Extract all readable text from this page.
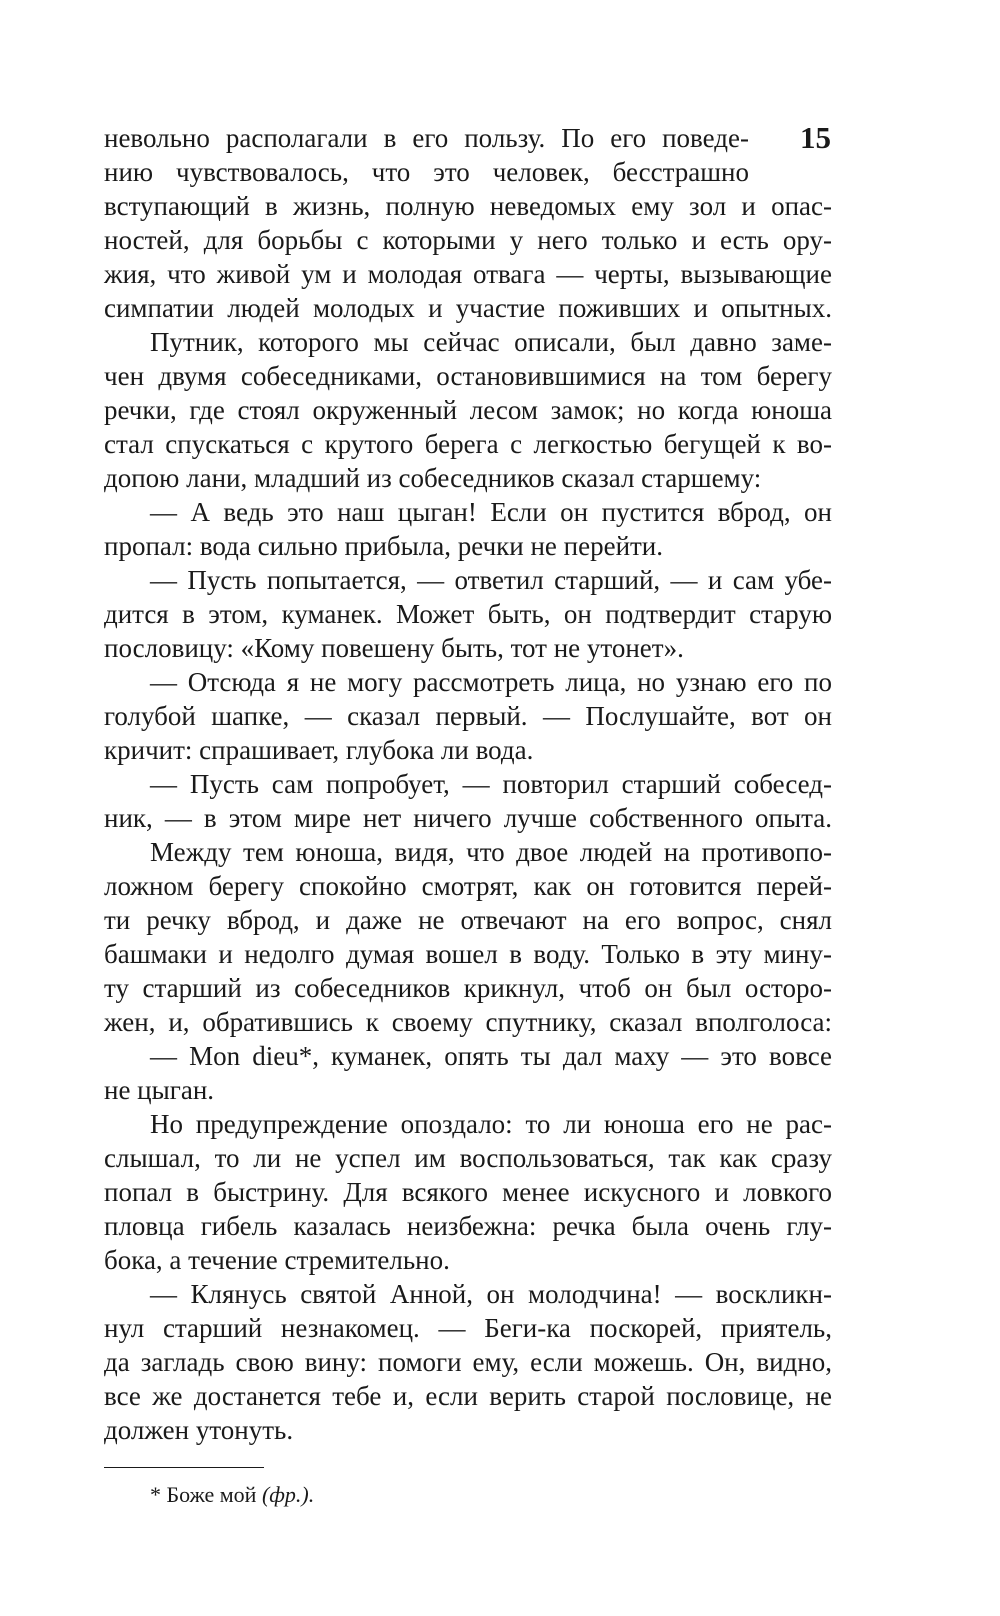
15
невольно располагали в его пользу. По его поведе-
нию чувствовалось, что это человек, бесстрашно
вступающий в жизнь, полную неведомых ему зол и опас-
ностей, для борьбы с которыми у него только и есть ору-
жия, что живой ум и молодая отвага — черты, вызывающие
симпатии людей молодых и участие поживших и опытных.
Путник, которого мы сейчас описали, был давно заме-
чен двумя собеседниками, остановившимися на том берегу
речки, где стоял окруженный лесом замок; но когда юноша
стал спускаться с крутого берега с легкостью бегущей к во-
допою лани, младший из собеседников сказал старшему:
— А ведь это наш цыган! Если он пустится вброд, он
пропал: вода сильно прибыла, речки не перейти.
— Пусть попытается, — ответил старший, — и сам убе-
дится в этом, куманек. Может быть, он подтвердит старую
пословицу: «Кому повешену быть, тот не утонет».
— Отсюда я не могу рассмотреть лица, но узнаю его по
голубой шапке, — сказал первый. — Послушайте, вот он
кричит: спрашивает, глубока ли вода.
— Пусть сам попробует, — повторил старший собесед-
ник, — в этом мире нет ничего лучше собственного опыта.
Между тем юноша, видя, что двое людей на противопо-
ложном берегу спокойно смотрят, как он готовится перей-
ти речку вброд, и даже не отвечают на его вопрос, снял
башмаки и недолго думая вошел в воду. Только в эту мину-
ту старший из собеседников крикнул, чтоб он был осторо-
жен, и, обратившись к своему спутнику, сказал вполголоса:
— Mon dieu*, куманек, опять ты дал маху — это вовсе
не цыган.
Но предупреждение опоздало: то ли юноша его не рас-
слышал, то ли не успел им воспользоваться, так как сразу
попал в быстрину. Для всякого менее искусного и ловкого
пловца гибель казалась неизбежна: речка была очень глу-
бока, а течение стремительно.
— Клянусь святой Анной, он молодчина! — воскликн-
нул старший незнакомец. — Беги-ка поскорей, приятель,
да загладь свою вину: помоги ему, если можешь. Он, видно,
все же достанется тебе и, если верить старой пословице, не
должен утонуть.
* Боже мой (фр.).
